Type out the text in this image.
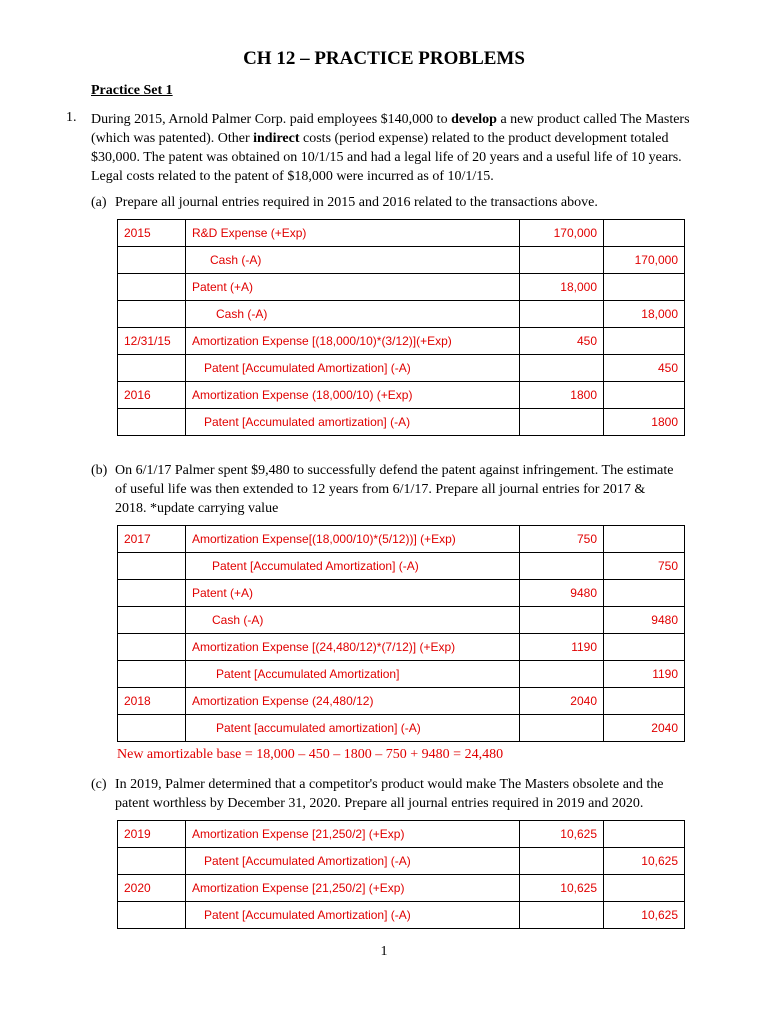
CH 12 – PRACTICE PROBLEMS
Practice Set 1
1. During 2015, Arnold Palmer Corp. paid employees $140,000 to develop a new product called The Masters (which was patented). Other indirect costs (period expense) related to the product development totaled $30,000. The patent was obtained on 10/1/15 and had a legal life of 20 years and a useful life of 10 years. Legal costs related to the patent of $18,000 were incurred as of 10/1/15.
(a) Prepare all journal entries required in 2015 and 2016 related to the transactions above.
2015	R&D Expense (+Exp)	170,000	
	Cash (-A)		170,000
	Patent (+A)	18,000	
	Cash (-A)		18,000
12/31/15	Amortization Expense [(18,000/10)*(3/12)](+Exp)	450	
	Patent [Accumulated Amortization] (-A)		450
2016	Amortization Expense (18,000/10) (+Exp)	1800	
	Patent [Accumulated amortization] (-A)		1800
(b) On 6/1/17 Palmer spent $9,480 to successfully defend the patent against infringement. The estimate of useful life was then extended to 12 years from 6/1/17. Prepare all journal entries for 2017 & 2018. *update carrying value
2017	Amortization Expense[(18,000/10)*(5/12))] (+Exp)	750	
	Patent [Accumulated Amortization] (-A)		750
	Patent (+A)	9480	
	Cash (-A)		9480
	Amortization Expense [(24,480/12)*(7/12)] (+Exp)	1190	
	Patent [Accumulated Amortization]		1190
2018	Amortization Expense (24,480/12)	2040	
	Patent [accumulated amortization] (-A)		2040
New amortizable base = 18,000 – 450 – 1800 – 750 + 9480 = 24,480
(c) In 2019, Palmer determined that a competitor's product would make The Masters obsolete and the patent worthless by December 31, 2020. Prepare all journal entries required in 2019 and 2020.
2019	Amortization Expense [21,250/2] (+Exp)	10,625	
	Patent [Accumulated Amortization] (-A)		10,625
2020	Amortization Expense [21,250/2] (+Exp)	10,625	
	Patent [Accumulated Amortization] (-A)		10,625
1
